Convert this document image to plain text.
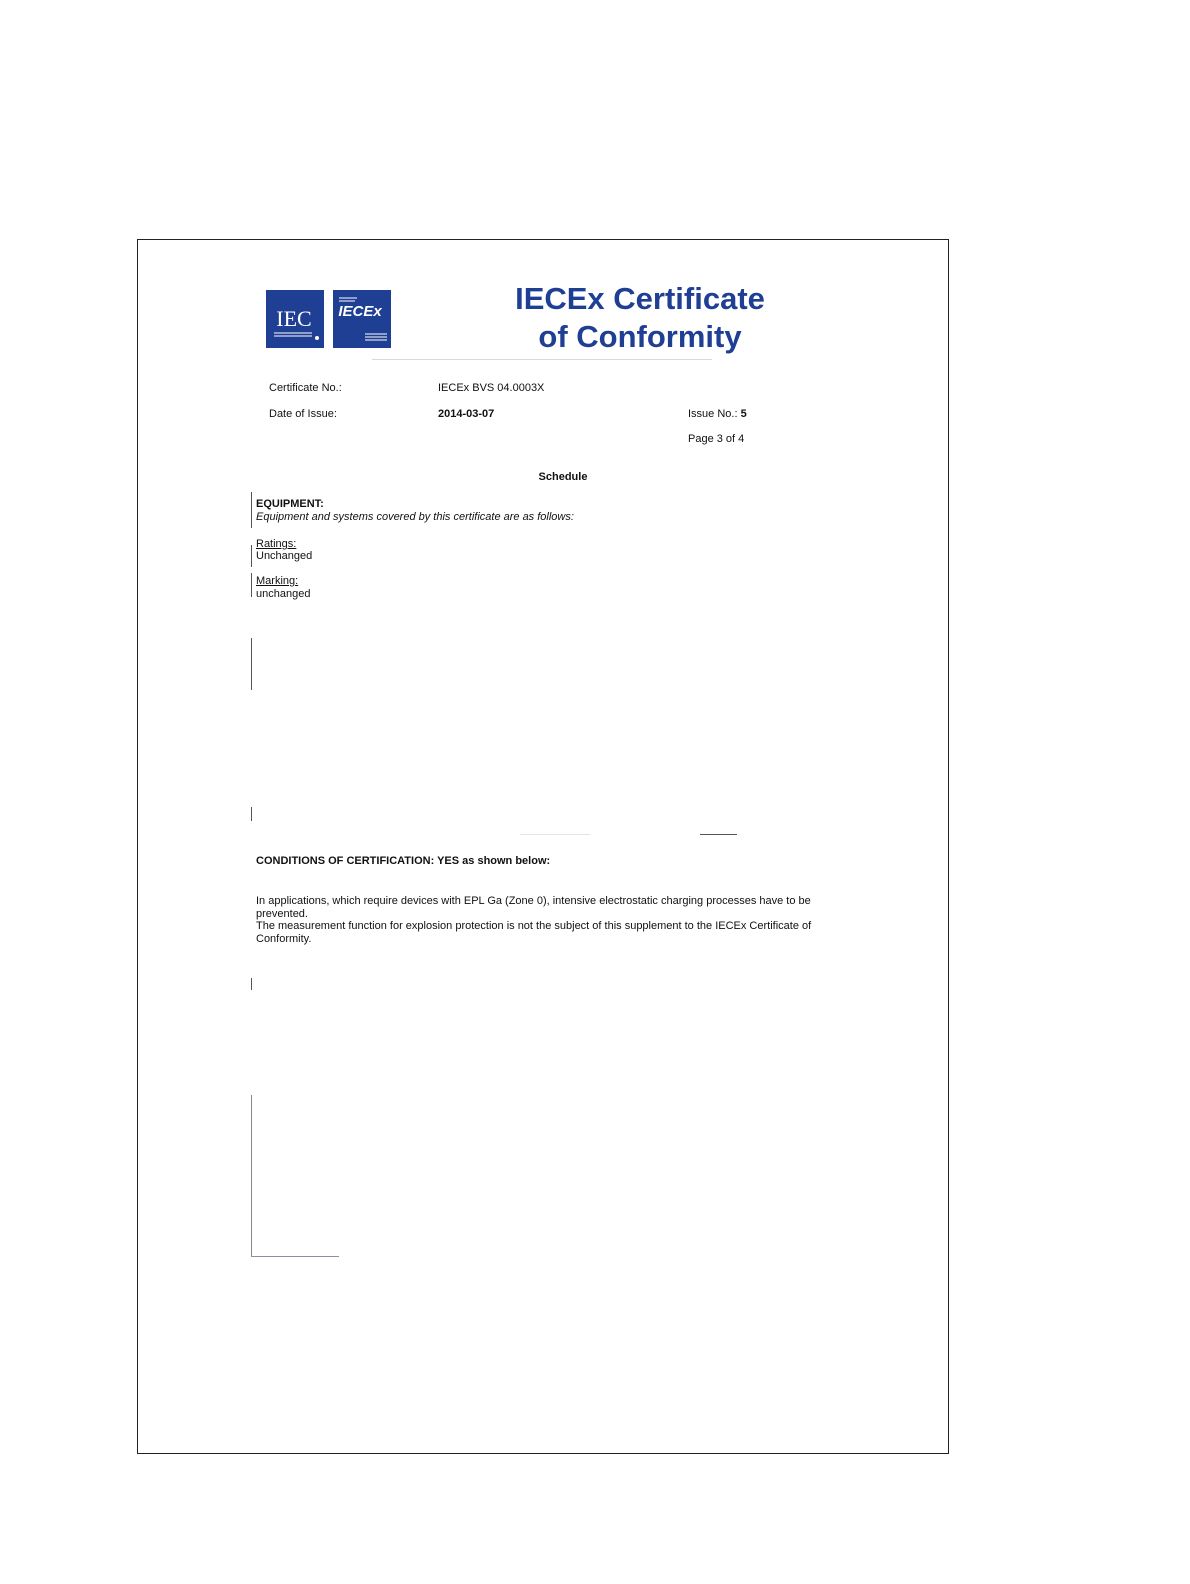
IEC IECEx	IECEx Certificate
of Conformity
Certificate No.:	IECEx BVS 04.0003X
Date of Issue:	2014-03-07	Issue No.: 5
Page 3 of 4
Schedule
EQUIPMENT:
Equipment and systems covered by this certificate are as follows:
Ratings:
Unchanged
Marking:
unchanged
CONDITIONS OF CERTIFICATION: YES as shown below:

In applications, which require devices with EPL Ga (Zone 0), intensive electrostatic charging processes have to be prevented.

The measurement function for explosion protection is not the subject of this supplement to the IECEx Certificate of Conformity.
